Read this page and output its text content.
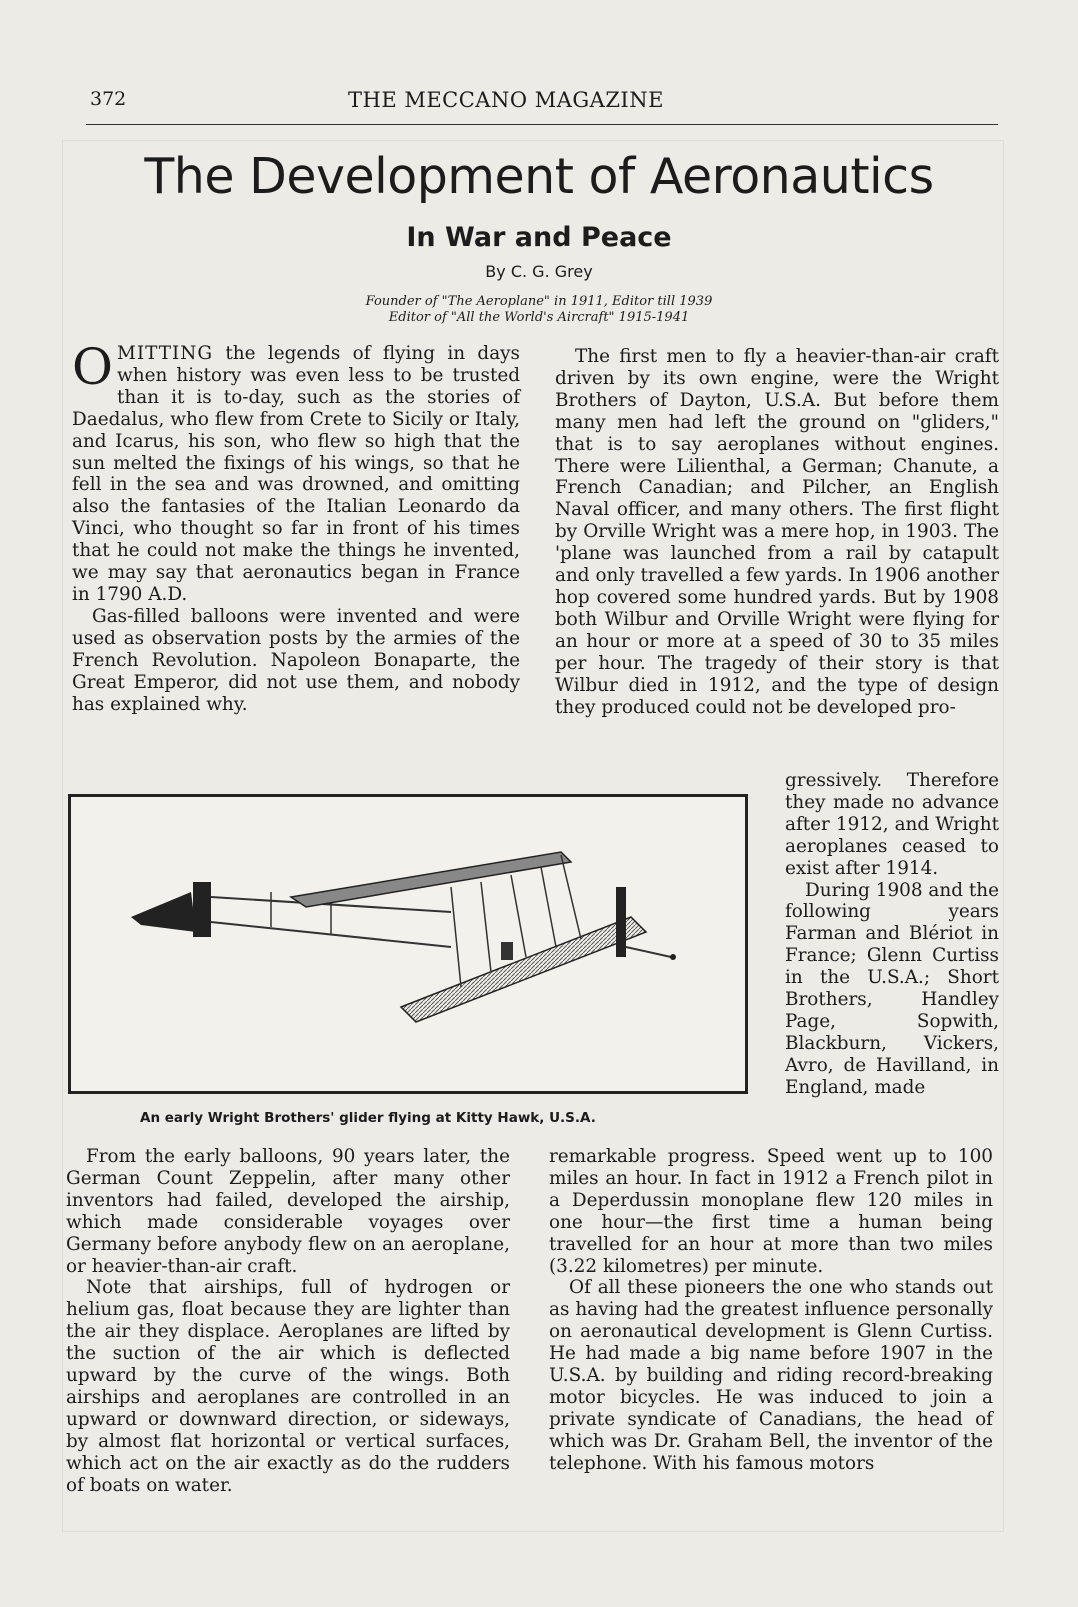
372	THE MECCANO MAGAZINE
The Development of Aeronautics
In War and Peace
By C. G. Grey
Founder of "The Aeroplane" in 1911, Editor till 1939
Editor of "All the World's Aircraft" 1915-1941

OMITTING the legends of flying in days when history was even less to be trusted than it is to-day, such as the stories of Daedalus, who flew from Crete to Sicily or Italy, and Icarus, his son, who flew so high that the sun melted the fixings of his wings, so that he fell in the sea and was drowned, and omitting also the fantasies of the Italian Leonardo da Vinci, who thought so far in front of his times that he could not make the things he invented, we may say that aeronautics began in France in 1790 A.D.

Gas-filled balloons were invented and were used as observation posts by the armies of the French Revolution. Napoleon Bonaparte, the Great Emperor, did not use them, and nobody has explained why.

The first men to fly a heavier-than-air craft driven by its own engine, were the Wright Brothers of Dayton, U.S.A. But before them many men had left the ground on "gliders," that is to say aeroplanes without engines. There were Lilienthal, a German; Chanute, a French Canadian; and Pilcher, an English Naval officer, and many others. The first flight by Orville Wright was a mere hop, in 1903. The 'plane was launched from a rail by catapult and only travelled a few yards. In 1906 another hop covered some hundred yards. But by 1908 both Wilbur and Orville Wright were flying for an hour or more at a speed of 30 to 35 miles per hour. The tragedy of their story is that Wilbur died in 1912, and the type of design they produced could not be developed pro-

gressively. Therefore they made no advance after 1912, and Wright aeroplanes ceased to exist after 1914.

During 1908 and the following years Farman and Blériot in France; Glenn Curtiss in the U.S.A.; Short Brothers, Handley Page, Sopwith, Blackburn, Vickers, Avro, de Havilland, in England, made

An early Wright Brothers' glider flying at Kitty Hawk, U.S.A.

From the early balloons, 90 years later, the German Count Zeppelin, after many other inventors had failed, developed the airship, which made considerable voyages over Germany before anybody flew on an aeroplane, or heavier-than-air craft.

Note that airships, full of hydrogen or helium gas, float because they are lighter than the air they displace. Aeroplanes are lifted by the suction of the air which is deflected upward by the curve of the wings. Both airships and aeroplanes are controlled in an upward or downward direction, or sideways, by almost flat horizontal or vertical surfaces, which act on the air exactly as do the rudders of boats on water.

remarkable progress. Speed went up to 100 miles an hour. In fact in 1912 a French pilot in a Deperdussin monoplane flew 120 miles in one hour—the first time a human being travelled for an hour at more than two miles (3.22 kilometres) per minute.

Of all these pioneers the one who stands out as having had the greatest influence personally on aeronautical development is Glenn Curtiss. He had made a big name before 1907 in the U.S.A. by building and riding record-breaking motor bicycles. He was induced to join a private syndicate of Canadians, the head of which was Dr. Graham Bell, the inventor of the telephone. With his famous motors
